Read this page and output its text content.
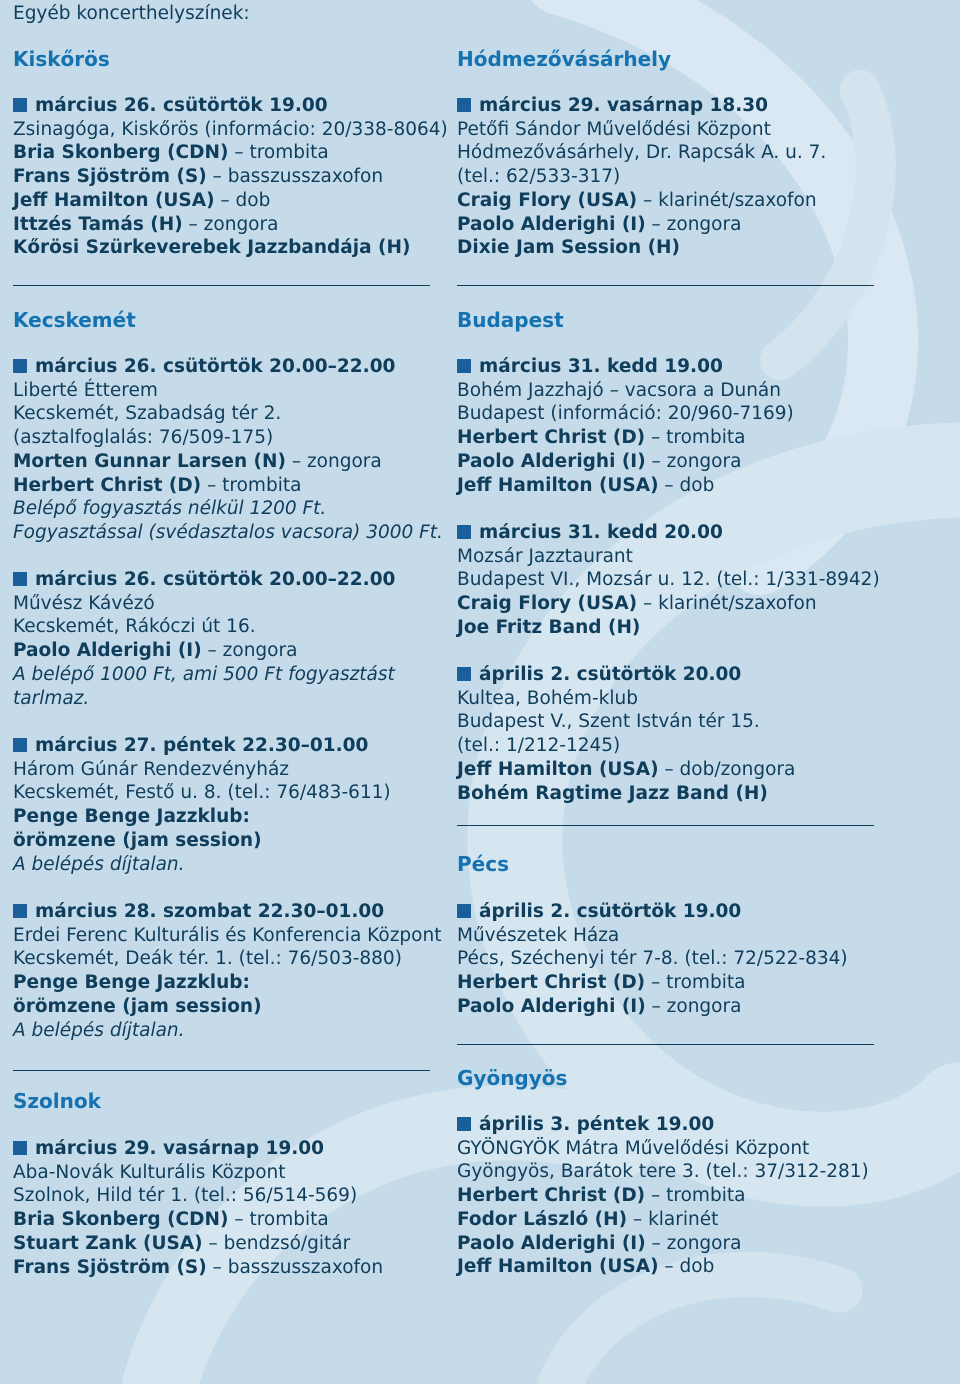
Egyéb koncerthelyszínek:
Kiskőrös
március 26. csütörtök 19.00
Zsinagóga, Kiskőrös (informácio: 20/338-8064)
Bria Skonberg (CDN) – trombita
Frans Sjöström (S) – basszusszaxofon
Jeff Hamilton (USA) – dob
Ittzés Tamás (H) – zongora
Kőrösi Szürkeverebek Jazzbandája (H)
Kecskemét
március 26. csütörtök 20.00–22.00
Liberté Étterem
Kecskemét, Szabadság tér 2.
(asztalfoglalás: 76/509-175)
Morten Gunnar Larsen (N) – zongora
Herbert Christ (D) – trombita
Belépő fogyasztás nélkül 1200 Ft.
Fogyasztással (svédasztalos vacsora) 3000 Ft.
március 26. csütörtök 20.00–22.00
Művész Kávézó
Kecskemét, Rákóczi út 16.
Paolo Alderighi (I) – zongora
A belépő 1000 Ft, ami 500 Ft fogyasztást
tarlmaz.
március 27. péntek 22.30–01.00
Három Gúnár Rendezvényház
Kecskemét, Festő u. 8. (tel.: 76/483-611)
Penge Benge Jazzklub:
örömzene (jam session)
A belépés díjtalan.
március 28. szombat 22.30–01.00
Erdei Ferenc Kulturális és Konferencia Központ
Kecskemét, Deák tér. 1. (tel.: 76/503-880)
Penge Benge Jazzklub:
örömzene (jam session)
A belépés díjtalan.
Szolnok
március 29. vasárnap 19.00
Aba-Novák Kulturális Központ
Szolnok, Hild tér 1. (tel.: 56/514-569)
Bria Skonberg (CDN) – trombita
Stuart Zank (USA) – bendzsó/gitár
Frans Sjöström (S) – basszusszaxofon
Hódmezővásárhely
március 29. vasárnap 18.30
Petőfi Sándor Művelődési Központ
Hódmezővásárhely, Dr. Rapcsák A. u. 7.
(tel.: 62/533-317)
Craig Flory (USA) – klarinét/szaxofon
Paolo Alderighi (I) – zongora
Dixie Jam Session (H)
Budapest
március 31. kedd 19.00
Bohém Jazzhajó – vacsora a Dunán
Budapest (információ: 20/960-7169)
Herbert Christ (D) – trombita
Paolo Alderighi (I) – zongora
Jeff Hamilton (USA) – dob
március 31. kedd 20.00
Mozsár Jazztaurant
Budapest VI., Mozsár u. 12. (tel.: 1/331-8942)
Craig Flory (USA) – klarinét/szaxofon
Joe Fritz Band (H)
április 2. csütörtök 20.00
Kultea, Bohém-klub
Budapest V., Szent István tér 15.
(tel.: 1/212-1245)
Jeff Hamilton (USA) – dob/zongora
Bohém Ragtime Jazz Band (H)
Pécs
április 2. csütörtök 19.00
Művészetek Háza
Pécs, Széchenyi tér 7-8. (tel.: 72/522-834)
Herbert Christ (D) – trombita
Paolo Alderighi (I) – zongora
Gyöngyös
április 3. péntek 19.00
GYÖNGYÖK Mátra Művelődési Központ
Gyöngyös, Barátok tere 3. (tel.: 37/312-281)
Herbert Christ (D) – trombita
Fodor László (H) – klarinét
Paolo Alderighi (I) – zongora
Jeff Hamilton (USA) – dob
